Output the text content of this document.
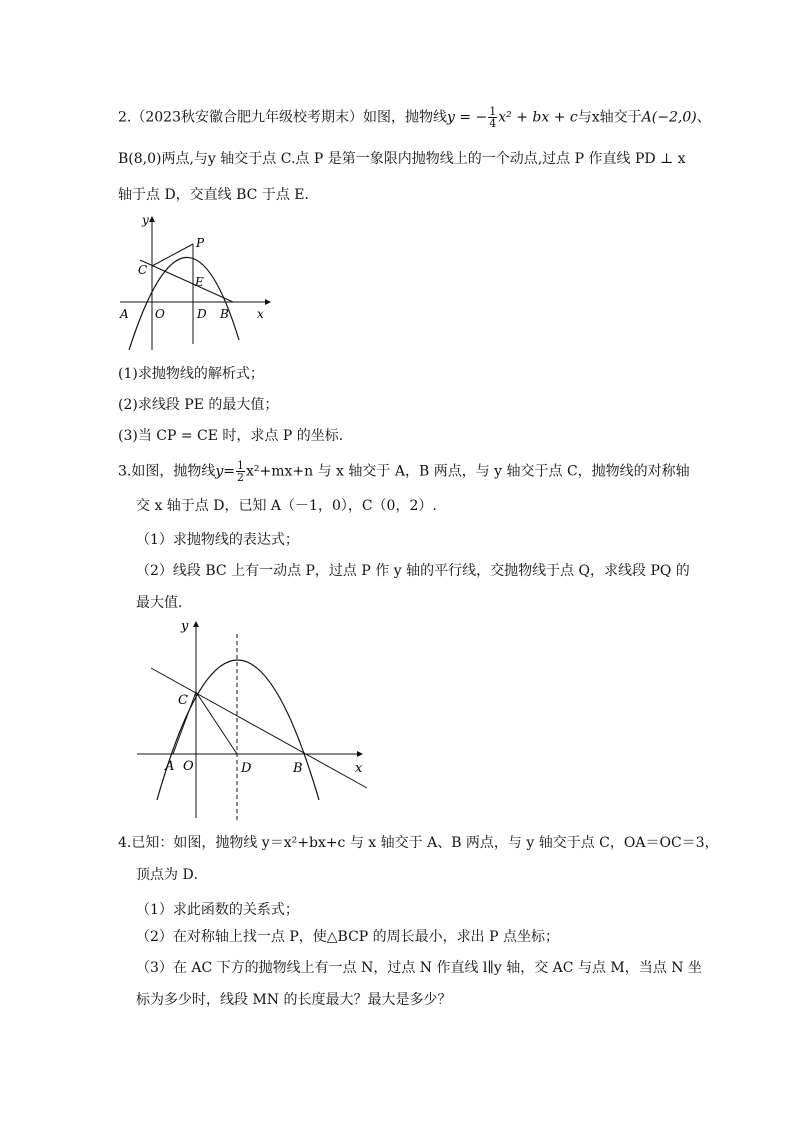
2.（2023秋安徽合肥九年级校考期末）如图，抛物线y = − $\frac{1}{4} x^2$ + bx + c与x轴交于A(−2,0)、
B(8,0)两点,与y 轴交于点 C.点 P 是第一象限内抛物线上的一个动点,过点 P 作直线 PD ⊥ x
轴于点 D，交直线 BC 于点 E．
y
x
P
C
E
A O	D B
(1)求抛物线的解析式；
(2)求线段 PE 的最大值；
(3)当 CP = CE 时，求点 P 的坐标．
3.如图，抛物线$y= \frac{1}{2} x^2+mx+n$ 与 x 轴交于 A，B 两点，与 y 轴交于点 C，抛物线的对称轴
交 x 轴于点 D，已知 A（－1，0），C（0，2）.
（1）求抛物线的表达式；
（2）线段 BC 上有一动点 P，过点 P 作 y 轴的平行线，交抛物线于点 Q，求线段 PQ 的
最大值．
y
x
C
A O	D	B
4.已知：如图，抛物线 y＝x²+bx+c 与 x 轴交于 A、B 两点，与 y 轴交于点 C，OA＝OC＝3，
顶点为 D．
（1）求此函数的关系式；
（2）在对称轴上找一点 P，使△BCP 的周长最小，求出 P 点坐标；
（3）在 AC 下方的抛物线上有一点 N，过点 N 作直线 l∥y 轴，交 AC 与点 M，当点 N 坐
标为多少时，线段 MN 的长度最大？最大是多少？
